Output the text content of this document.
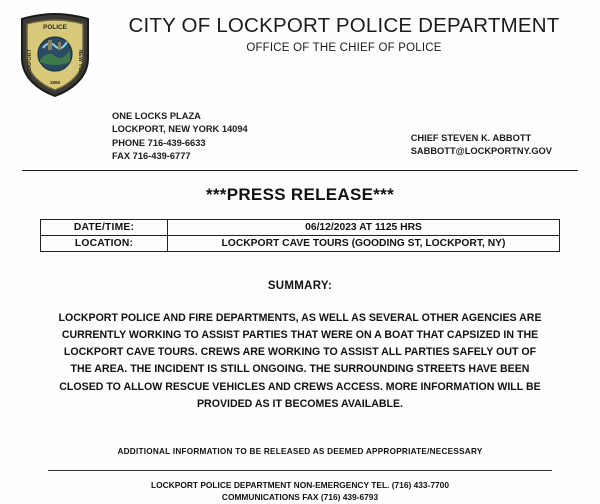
POLICE
LOCKPORT	NEW YORK
1865
CITY OF LOCKPORT POLICE DEPARTMENT
OFFICE OF THE CHIEF OF POLICE
ONE LOCKS PLAZA
LOCKPORT, NEW YORK 14094
PHONE 716-439-6633
FAX 716-439-6777
CHIEF STEVEN K. ABBOTT
SABBOTT@LOCKPORTNY.GOV
***PRESS RELEASE***
DATE/TIME:	06/12/2023 AT 1125 HRS
LOCATION:	LOCKPORT CAVE TOURS (GOODING ST, LOCKPORT, NY)
SUMMARY:
LOCKPORT POLICE AND FIRE DEPARTMENTS, AS WELL AS SEVERAL OTHER AGENCIES ARE CURRENTLY WORKING TO ASSIST PARTIES THAT WERE ON A BOAT THAT CAPSIZED IN THE LOCKPORT CAVE TOURS. CREWS ARE WORKING TO ASSIST ALL PARTIES SAFELY OUT OF THE AREA. THE INCIDENT IS STILL ONGOING. THE SURROUNDING STREETS HAVE BEEN CLOSED TO ALLOW RESCUE VEHICLES AND CREWS ACCESS. MORE INFORMATION WILL BE PROVIDED AS IT BECOMES AVAILABLE.
ADDITIONAL INFORMATION TO BE RELEASED AS DEEMED APPROPRIATE/NECESSARY
LOCKPORT POLICE DEPARTMENT NON-EMERGENCY TEL. (716) 433-7700
COMMUNICATIONS FAX (716) 439-6793
